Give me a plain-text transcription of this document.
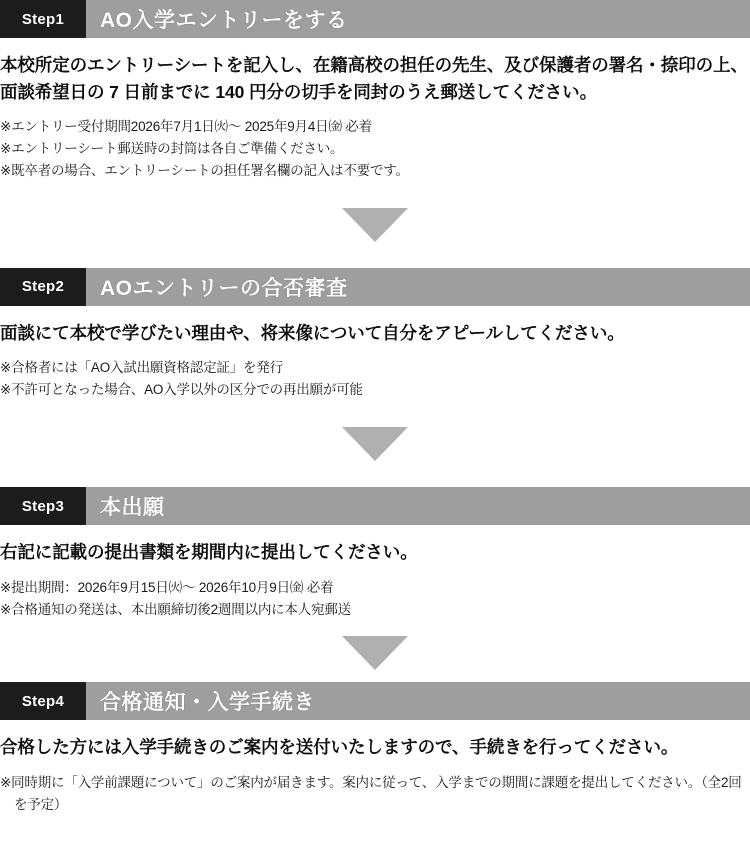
Step1	AO入学エントリーをする
本校所定のエントリーシートを記入し、在籍高校の担任の先生、及び保護者の署名・捺印の上、面談希望日の 7 日前までに 140 円分の切手を同封のうえ郵送してください。
※エントリー受付期間2026年7月1日㈫〜 2025年9月4日㈮ 必着
※エントリーシート郵送時の封筒は各自ご準備ください。
※既卒者の場合、エントリーシートの担任署名欄の記入は不要です。
Step2	AOエントリーの合否審査
面談にて本校で学びたい理由や、将来像について自分をアピールしてください。
※合格者には「AO入試出願資格認定証」を発行
※不許可となった場合、AO入学以外の区分での再出願が可能
Step3	本出願
右記に記載の提出書類を期間内に提出してください。
※提出期間：2026年9月15日㈫〜 2026年10月9日㈮ 必着
※合格通知の発送は、本出願締切後2週間以内に本人宛郵送
Step4	合格通知・入学手続き
合格した方には入学手続きのご案内を送付いたしますので、手続きを行ってください。
※同時期に「入学前課題について」のご案内が届きます。案内に従って、入学までの期間に課題を提出してください。（全2回を予定）
